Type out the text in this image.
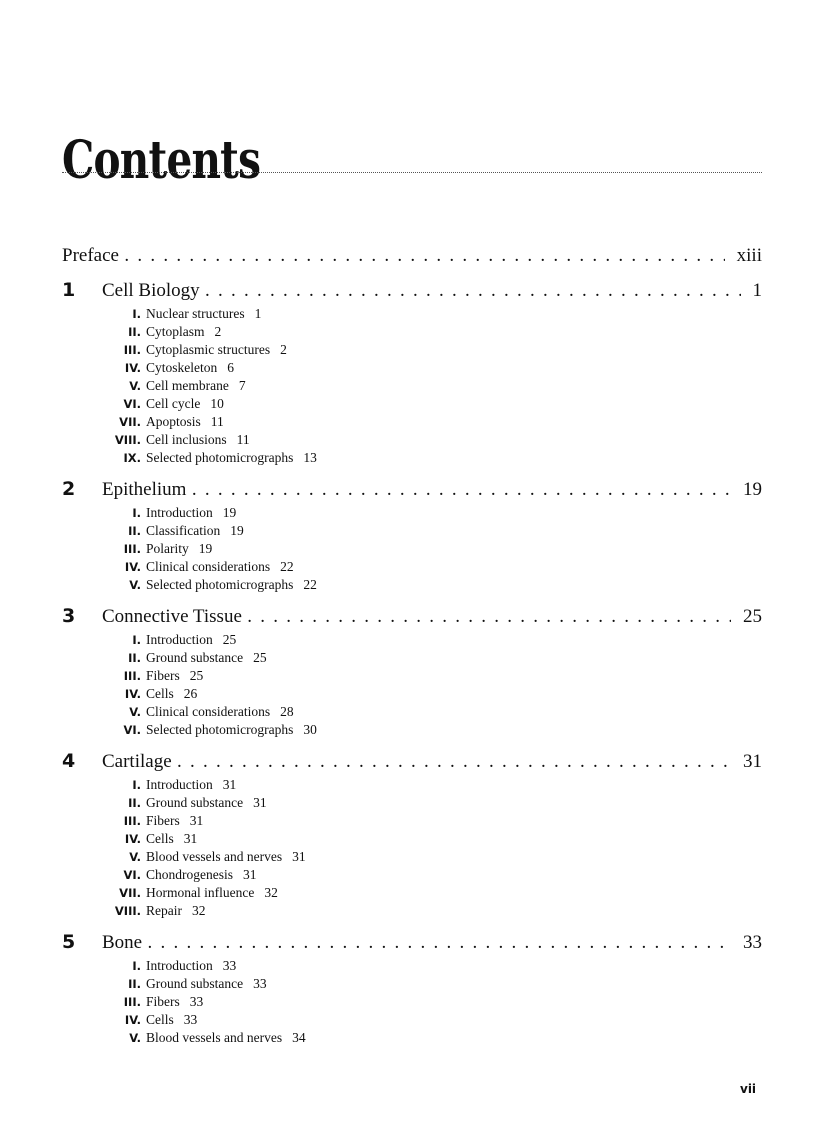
Contents
Preface . . .	xiii
1	Cell Biology . . .	1
I. Nuclear structures 1
II. Cytoplasm 2
III. Cytoplasmic structures 2
IV. Cytoskeleton 6
V. Cell membrane 7
VI. Cell cycle 10
VII. Apoptosis 11
VIII. Cell inclusions 11
IX. Selected photomicrographs 13
2	Epithelium . . .	19
I. Introduction 19
II. Classification 19
III. Polarity 19
IV. Clinical considerations 22
V. Selected photomicrographs 22
3	Connective Tissue . . .	25
I. Introduction 25
II. Ground substance 25
III. Fibers 25
IV. Cells 26
V. Clinical considerations 28
VI. Selected photomicrographs 30
4	Cartilage . . .	31
I. Introduction 31
II. Ground substance 31
III. Fibers 31
IV. Cells 31
V. Blood vessels and nerves 31
VI. Chondrogenesis 31
VII. Hormonal influence 32
VIII. Repair 32
5	Bone . . .	33
I. Introduction 33
II. Ground substance 33
III. Fibers 33
IV. Cells 33
V. Blood vessels and nerves 34
vii
